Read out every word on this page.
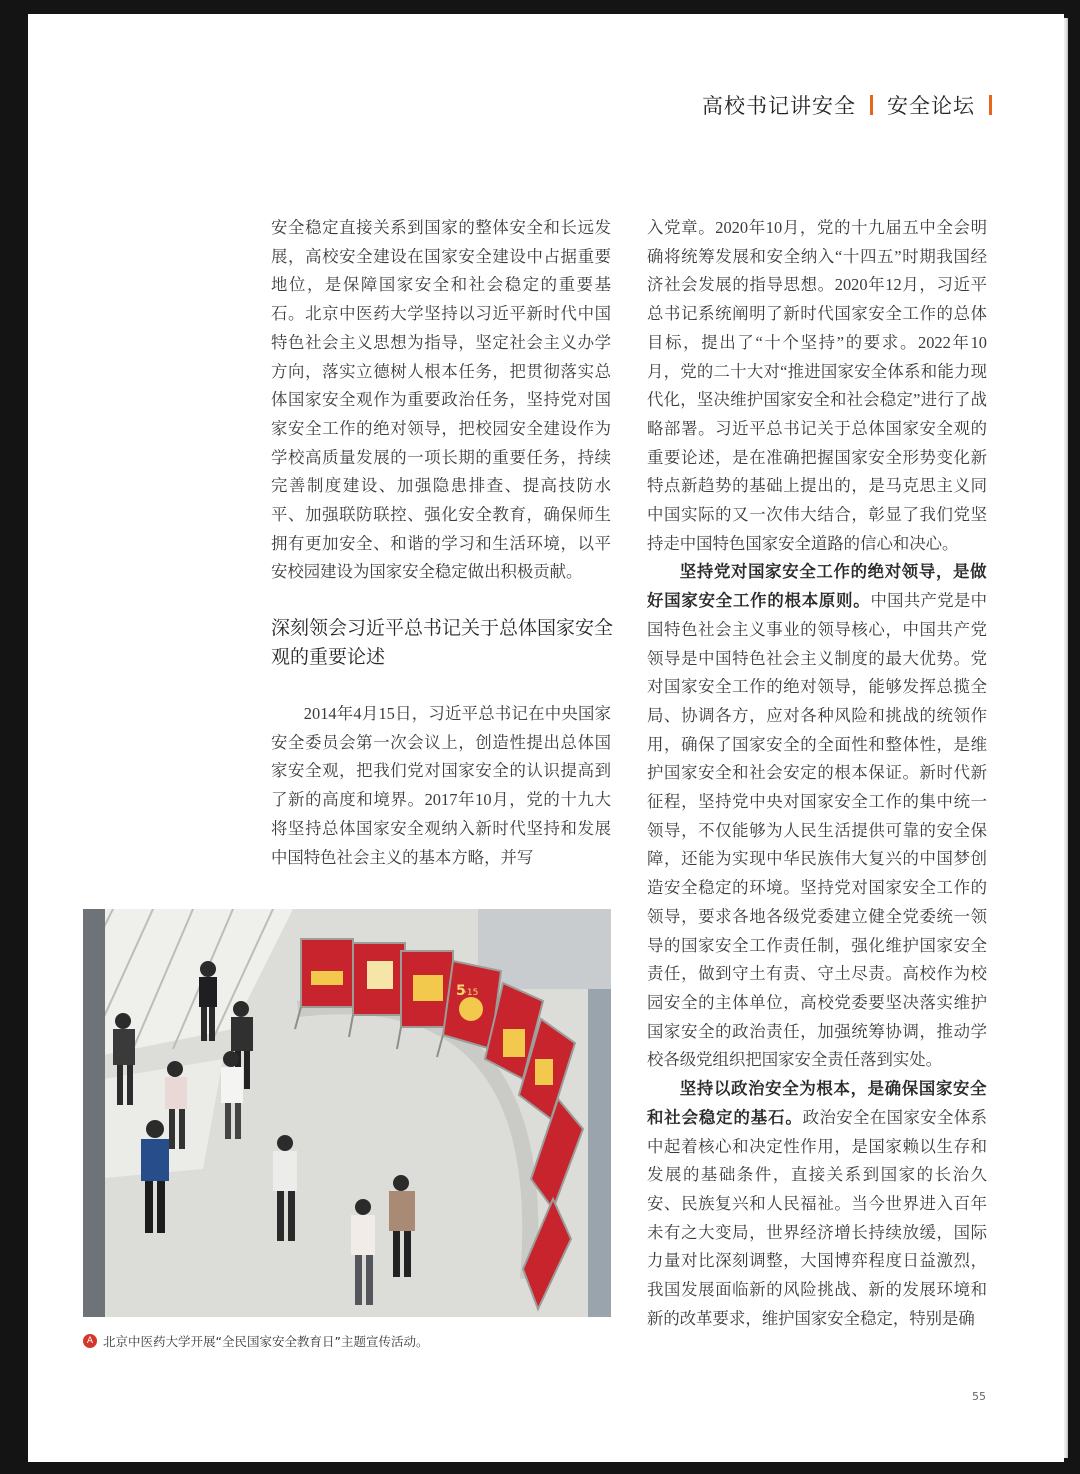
高校书记讲安全 安全论坛

安全稳定直接关系到国家的整体安全和长远发展，高校安全建设在国家安全建设中占据重要地位，是保障国家安全和社会稳定的重要基石。北京中医药大学坚持以习近平新时代中国特色社会主义思想为指导，坚定社会主义办学方向，落实立德树人根本任务，把贯彻落实总体国家安全观作为重要政治任务，坚持党对国家安全工作的绝对领导，把校园安全建设作为学校高质量发展的一项长期的重要任务，持续完善制度建设、加强隐患排查、提高技防水平、加强联防联控、强化安全教育，确保师生拥有更加安全、和谐的学习和生活环境，以平安校园建设为国家安全稳定做出积极贡献。

深刻领会习近平总书记关于总体国家安全观的重要论述

2014年4月15日，习近平总书记在中央国家安全委员会第一次会议上，创造性提出总体国家安全观，把我们党对国家安全的认识提高到了新的高度和境界。2017年10月，党的十九大将坚持总体国家安全观纳入新时代坚持和发展中国特色社会主义的基本方略，并写

入党章。2020年10月，党的十九届五中全会明确将统筹发展和安全纳入“十四五”时期我国经济社会发展的指导思想。2020年12月，习近平总书记系统阐明了新时代国家安全工作的总体目标，提出了“十个坚持”的要求。2022年10月，党的二十大对“推进国家安全体系和能力现代化，坚决维护国家安全和社会稳定”进行了战略部署。习近平总书记关于总体国家安全观的重要论述，是在准确把握国家安全形势变化新特点新趋势的基础上提出的，是马克思主义同中国实际的又一次伟大结合，彰显了我们党坚持走中国特色国家安全道路的信心和决心。

坚持党对国家安全工作的绝对领导，是做好国家安全工作的根本原则。中国共产党是中国特色社会主义事业的领导核心，中国共产党领导是中国特色社会主义制度的最大优势。党对国家安全工作的绝对领导，能够发挥总揽全局、协调各方，应对各种风险和挑战的统领作用，确保了国家安全的全面性和整体性，是维护国家安全和社会安定的根本保证。新时代新征程，坚持党中央对国家安全工作的集中统一领导，不仅能够为人民生活提供可靠的安全保障，还能为实现中华民族伟大复兴的中国梦创造安全稳定的环境。坚持党对国家安全工作的领导，要求各地各级党委建立健全党委统一领导的国家安全工作责任制，强化维护国家安全责任，做到守土有责、守土尽责。高校作为校园安全的主体单位，高校党委要坚决落实维护国家安全的政治责任，加强统筹协调，推动学校各级党组织把国家安全责任落到实处。

坚持以政治安全为根本，是确保国家安全和社会稳定的基石。政治安全在国家安全体系中起着核心和决定性作用，是国家赖以生存和发展的基础条件，直接关系到国家的长治久安、民族复兴和人民福祉。当今世界进入百年未有之大变局，世界经济增长持续放缓，国际力量对比深刻调整，大国博弈程度日益激烈，我国发展面临新的风险挑战、新的发展环境和新的改革要求，维护国家安全稳定，特别是确

5
·15
A 北京中医药大学开展“全民国家安全教育日”主题宣传活动。
55
